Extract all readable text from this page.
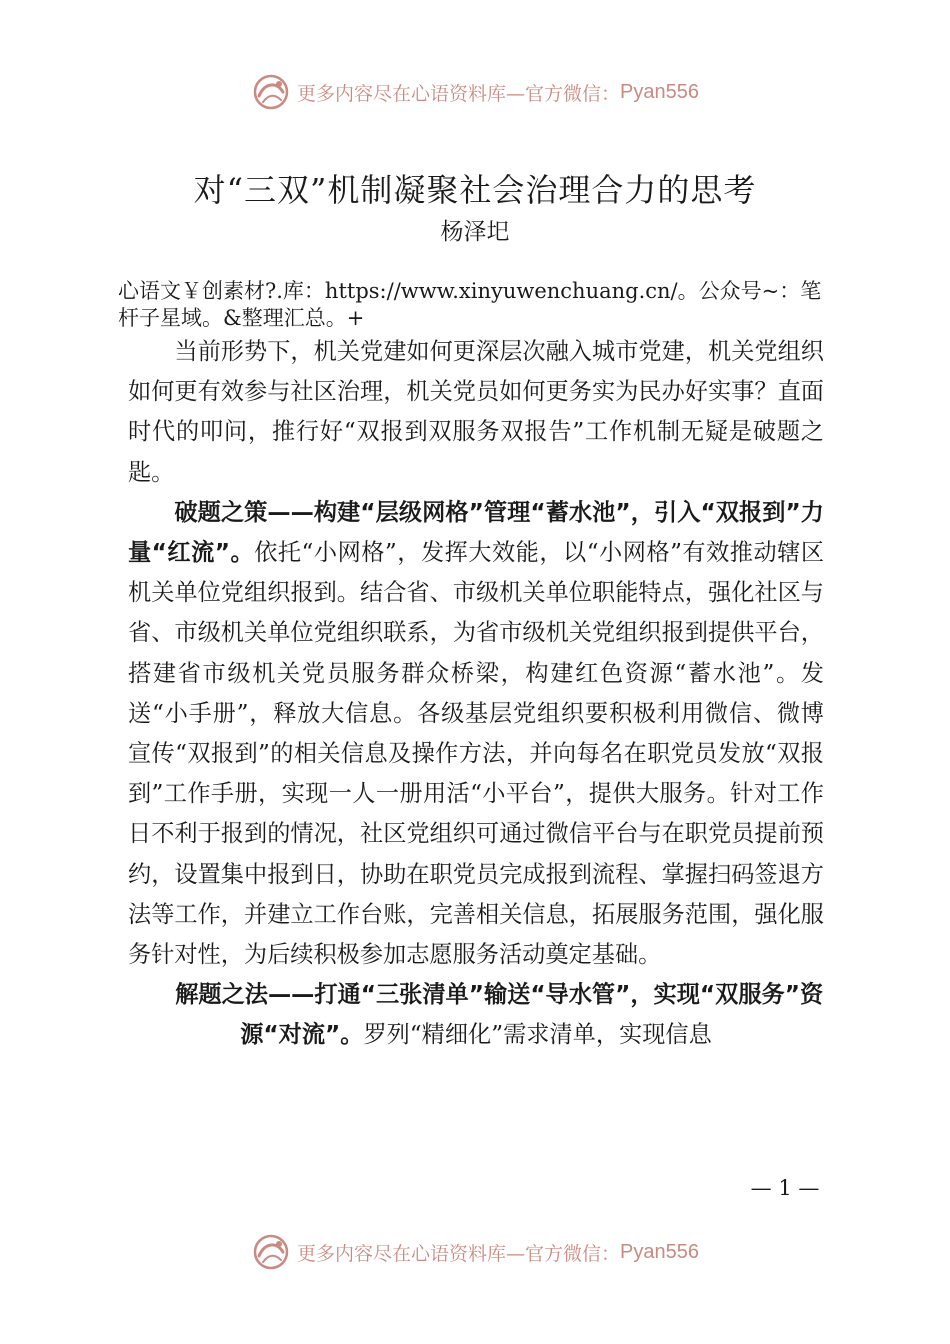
更多内容尽在心语资料库—官方微信： Pyan556
对“三双”机制凝聚社会治理合力的思考
杨泽圯
心语文￥创素材?.库：https://www.xinyuwenchuang.cn/。公众号~：笔杆子星域。&整理汇总。+

当前形势下，机关党建如何更深层次融入城市党建，机关党组织如何更有效参与社区治理，机关党员如何更务实为民办好实事？直面时代的叩问，推行好“双报到双服务双报告”工作机制无疑是破题之匙。

破题之策——构建“层级网格”管理“蓄水池”，引入“双报到”力量“红流”。依托“小网格”，发挥大效能，以“小网格”有效推动辖区机关单位党组织报到。结合省、市级机关单位职能特点，强化社区与省、市级机关单位党组织联系，为省市级机关党组织报到提供平台，搭建省市级机关党员服务群众桥梁，构建红色资源“蓄水池”。发送“小手册”，释放大信息。各级基层党组织要积极利用微信、微博宣传“双报到”的相关信息及操作方法，并向每名在职党员发放“双报到”工作手册，实现一人一册用活“小平台”，提供大服务。针对工作日不利于报到的情况，社区党组织可通过微信平台与在职党员提前预约，设置集中报到日，协助在职党员完成报到流程、掌握扫码签退方法等工作，并建立工作台账，完善相关信息，拓展服务范围，强化服务针对性，为后续积极参加志愿服务活动奠定基础。

解题之法——打通“三张清单”输送“导水管”，实现“双服务”资源“对流”。罗列“精细化”需求清单，实现信息

— 1 —
更多内容尽在心语资料库—官方微信： Pyan556
